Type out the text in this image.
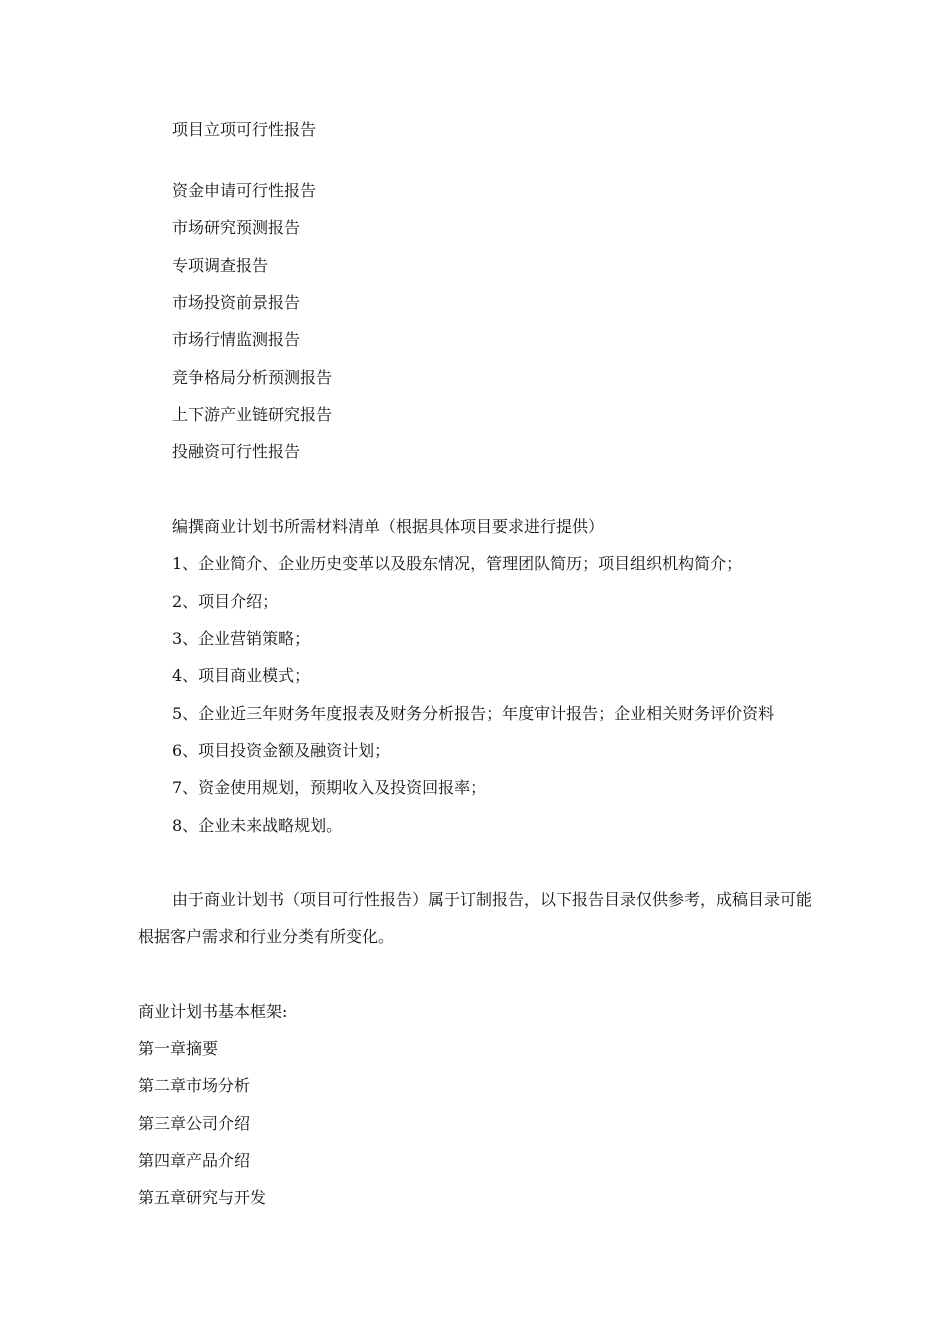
项目立项可行性报告

资金申请可行性报告

市场研究预测报告

专项调查报告

市场投资前景报告

市场行情监测报告

竞争格局分析预测报告

上下游产业链研究报告

投融资可行性报告

编撰商业计划书所需材料清单（根据具体项目要求进行提供）

1、企业简介、企业历史变革以及股东情况，管理团队简历；项目组织机构简介；

2、项目介绍；

3、企业营销策略；

4、项目商业模式；

5、企业近三年财务年度报表及财务分析报告；年度审计报告；企业相关财务评价资料

6、项目投资金额及融资计划；

7、资金使用规划，预期收入及投资回报率；

8、企业未来战略规划。

由于商业计划书（项目可行性报告）属于订制报告，以下报告目录仅供参考，成稿目录可能根据客户需求和行业分类有所变化。

商业计划书基本框架:

第一章摘要

第二章市场分析

第三章公司介绍

第四章产品介绍

第五章研究与开发
